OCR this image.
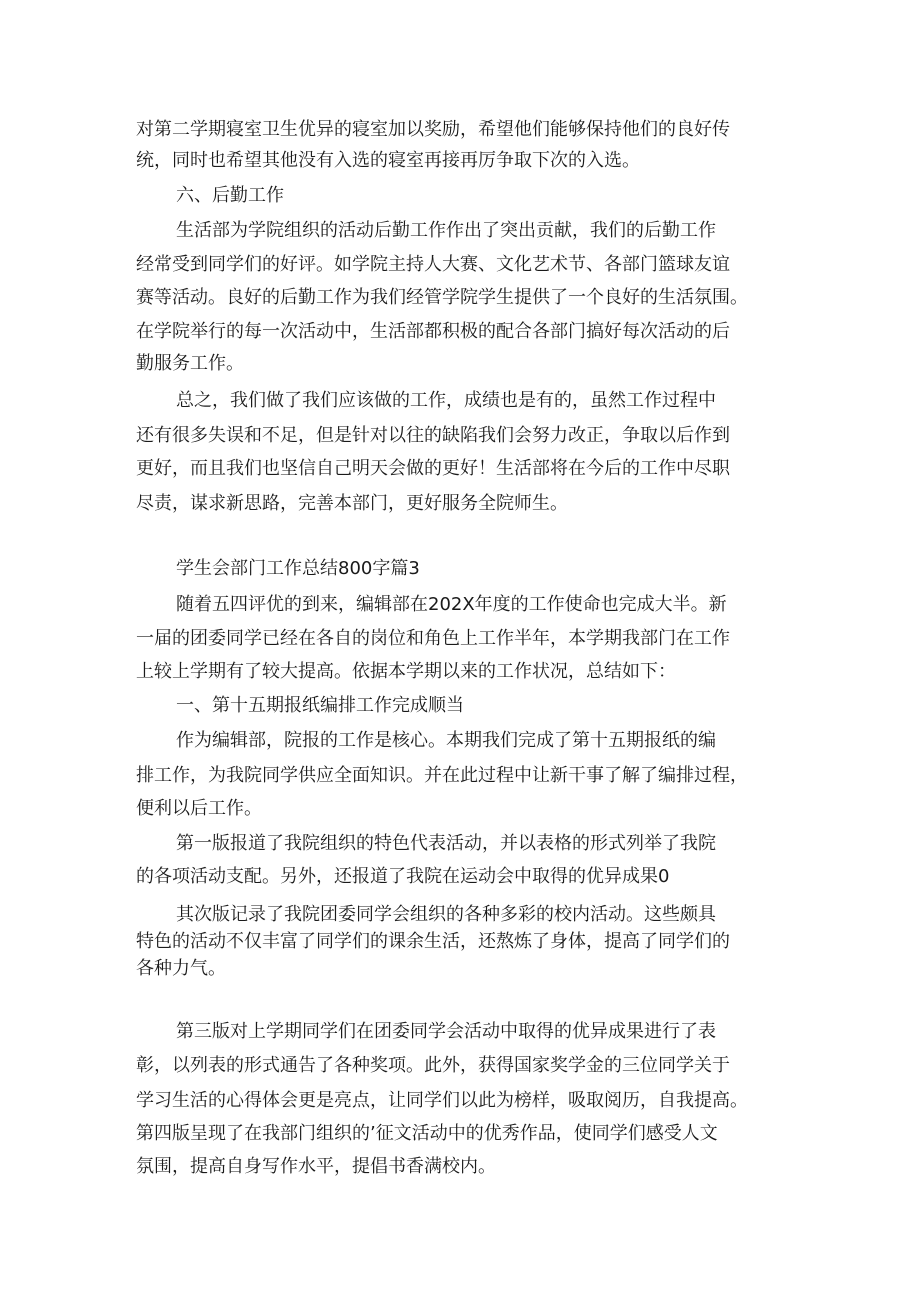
对第二学期寝室卫生优异的寝室加以奖励，希望他们能够保持他们的良好传
统，同时也希望其他没有入选的寝室再接再厉争取下次的入选。
六、后勤工作
生活部为学院组织的活动后勤工作作出了突出贡献，我们的后勤工作
经常受到同学们的好评。如学院主持人大赛、文化艺术节、各部门篮球友谊
赛等活动。良好的后勤工作为我们经管学院学生提供了一个良好的生活氛围。
在学院举行的每一次活动中，生活部都积极的配合各部门搞好每次活动的后
勤服务工作。
总之，我们做了我们应该做的工作，成绩也是有的，虽然工作过程中
还有很多失误和不足，但是针对以往的缺陷我们会努力改正，争取以后作到
更好，而且我们也坚信自己明天会做的更好！生活部将在今后的工作中尽职
尽责，谋求新思路，完善本部门，更好服务全院师生。
学生会部门工作总结800字篇3
随着五四评优的到来，编辑部在202X年度的工作使命也完成大半。新
一届的团委同学已经在各自的岗位和角色上工作半年，本学期我部门在工作
上较上学期有了较大提高。依据本学期以来的工作状况，总结如下：
一、第十五期报纸编排工作完成顺当
作为编辑部，院报的工作是核心。本期我们完成了第十五期报纸的编
排工作，为我院同学供应全面知识。并在此过程中让新干事了解了编排过程，
便利以后工作。
第一版报道了我院组织的特色代表活动，并以表格的形式列举了我院
的各项活动支配。另外，还报道了我院在运动会中取得的优异成果0
其次版记录了我院团委同学会组织的各种多彩的校内活动。这些颇具
特色的活动不仅丰富了同学们的课余生活，还熬炼了身体，提高了同学们的
各种力气。
第三版对上学期同学们在团委同学会活动中取得的优异成果进行了表
彰，以列表的形式通告了各种奖项。此外，获得国家奖学金的三位同学关于
学习生活的心得体会更是亮点，让同学们以此为榜样，吸取阅历，自我提高。
第四版呈现了在我部门组织的’征文活动中的优秀作品，使同学们感受人文
氛围，提高自身写作水平，提倡书香满校内。
